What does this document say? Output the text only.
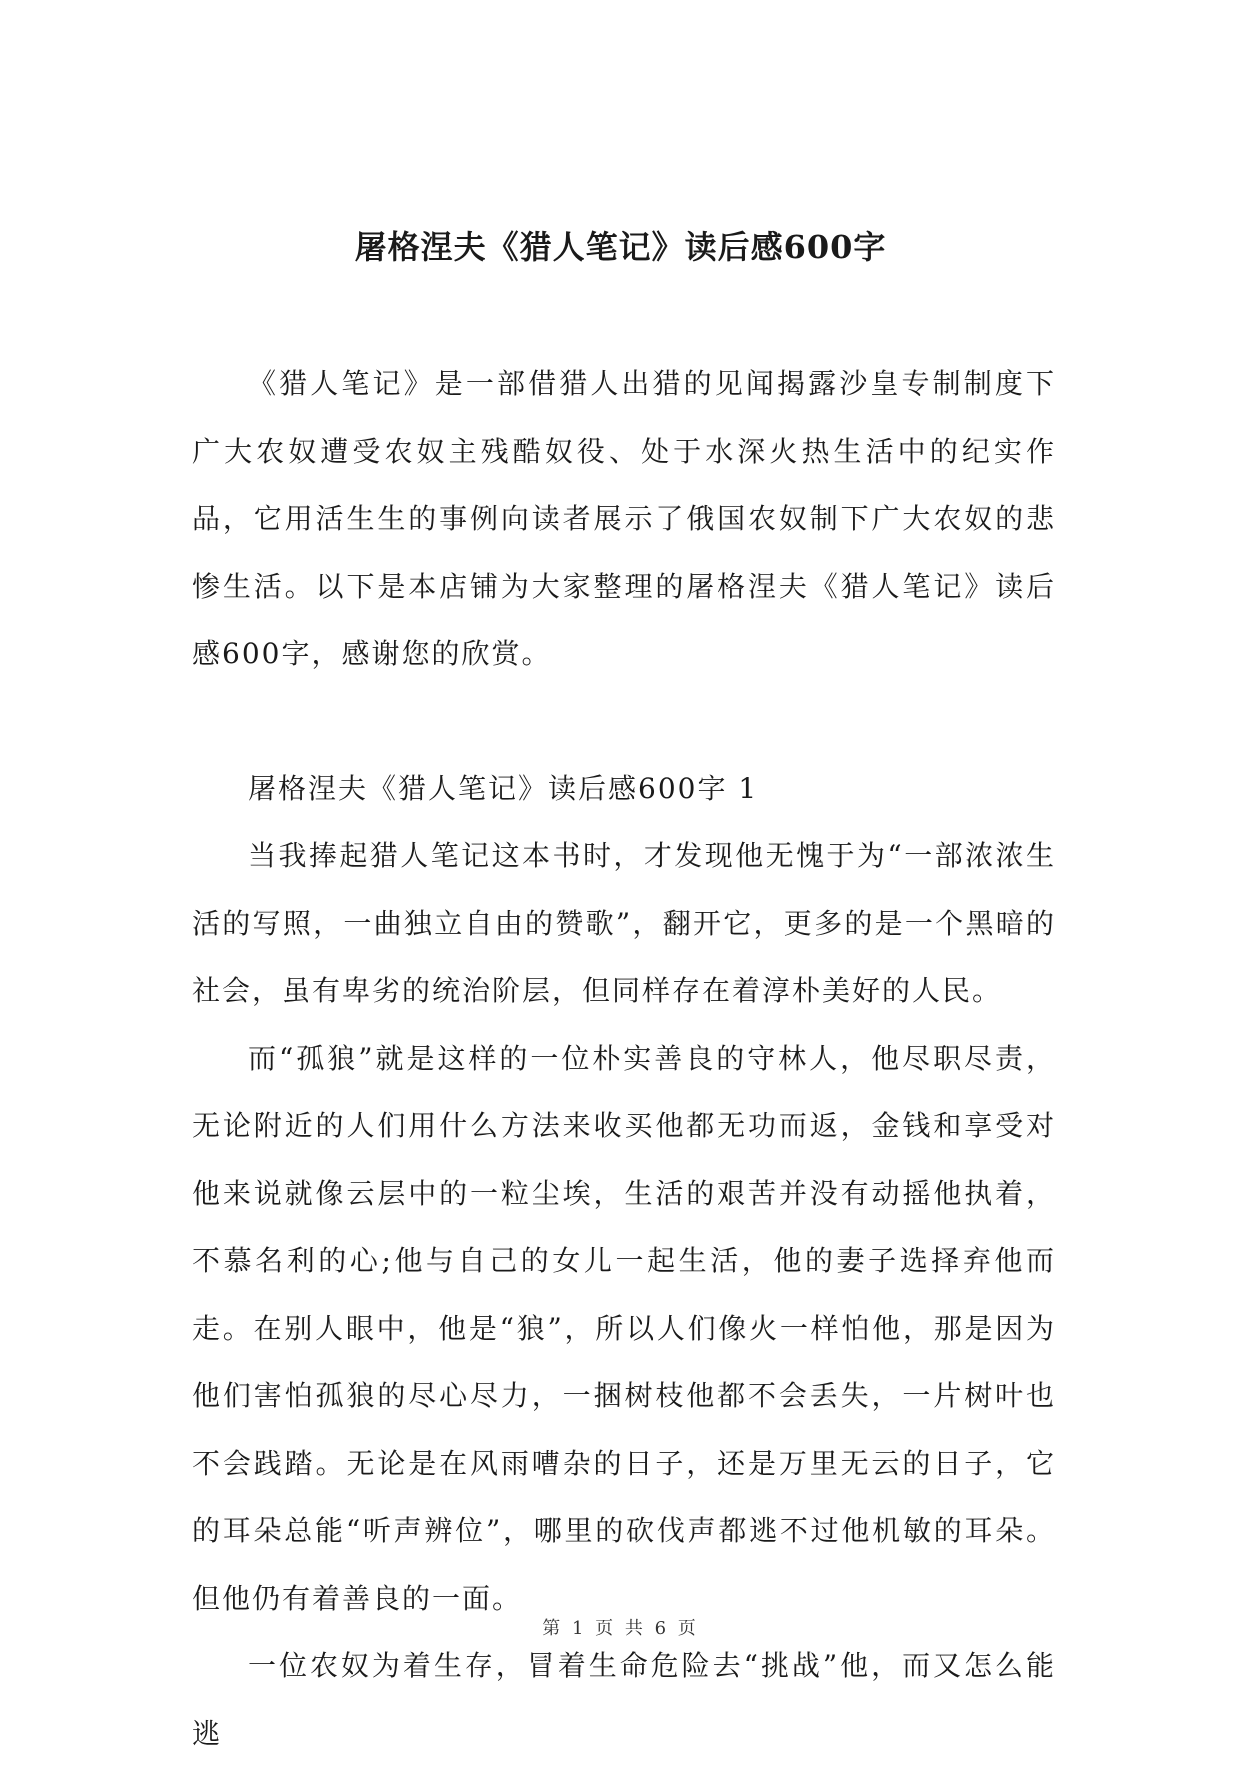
屠格涅夫《猎人笔记》读后感600字

《猎人笔记》是一部借猎人出猎的见闻揭露沙皇专制制度下广大农奴遭受农奴主残酷奴役、处于水深火热生活中的纪实作品，它用活生生的事例向读者展示了俄国农奴制下广大农奴的悲惨生活。以下是本店铺为大家整理的屠格涅夫《猎人笔记》读后感600字，感谢您的欣赏。

屠格涅夫《猎人笔记》读后感600字 1

当我捧起猎人笔记这本书时，才发现他无愧于为“一部浓浓生活的写照，一曲独立自由的赞歌”，翻开它，更多的是一个黑暗的社会，虽有卑劣的统治阶层，但同样存在着淳朴美好的人民。

而“孤狼”就是这样的一位朴实善良的守林人，他尽职尽责，无论附近的人们用什么方法来收买他都无功而返，金钱和享受对他来说就像云层中的一粒尘埃，生活的艰苦并没有动摇他执着，不慕名利的心;他与自己的女儿一起生活，他的妻子选择弃他而走。在别人眼中，他是“狼”，所以人们像火一样怕他，那是因为他们害怕孤狼的尽心尽力，一捆树枝他都不会丢失，一片树叶也不会践踏。无论是在风雨嘈杂的日子，还是万里无云的日子，它的耳朵总能“听声辨位”，哪里的砍伐声都逃不过他机敏的耳朵。但他仍有着善良的一面。

一位农奴为着生存，冒着生命危险去“挑战”他，而又怎么能逃

第 1 页 共 6 页
